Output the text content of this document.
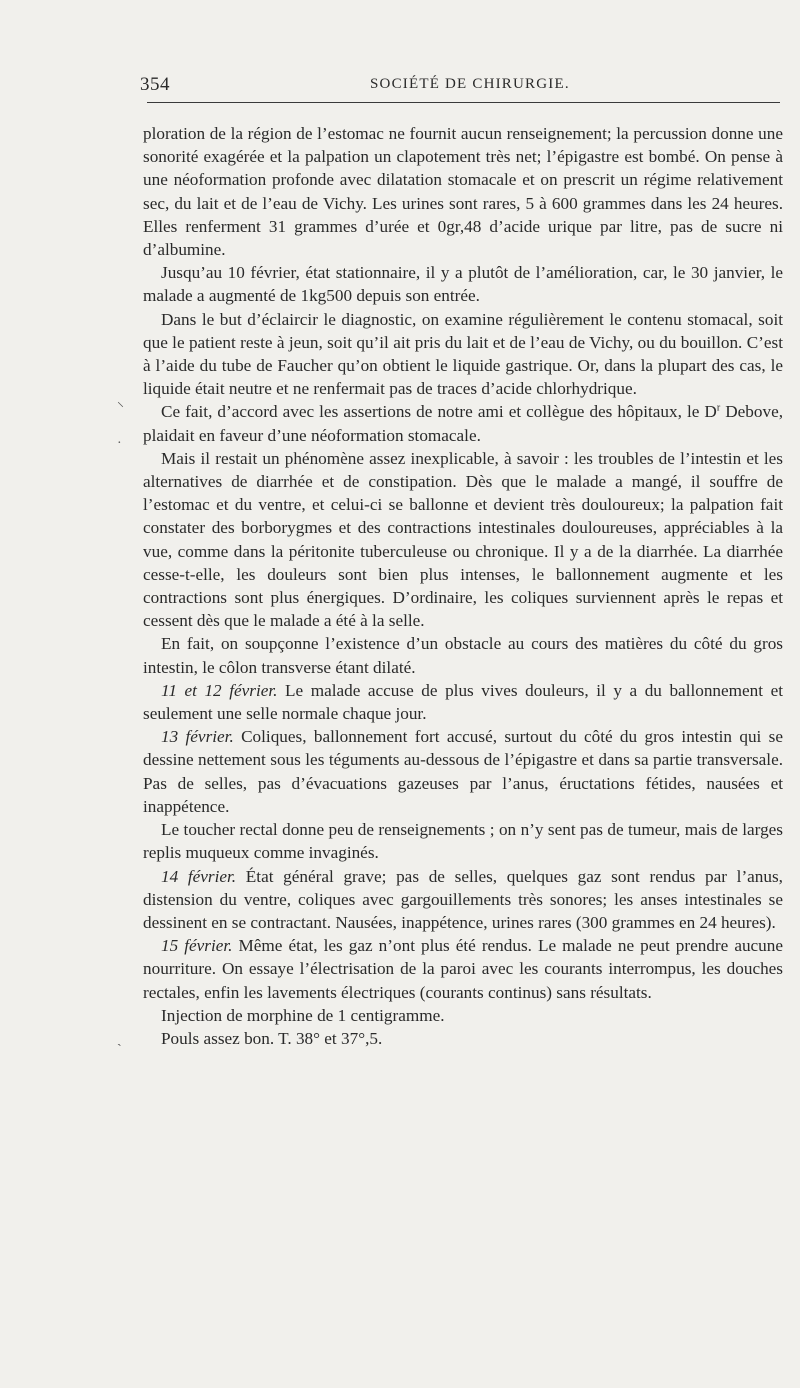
354	SOCIÉTÉ DE CHIRURGIE.
⸜
·
ˎ

ploration de la région de l’estomac ne fournit aucun renseignement; la percussion donne une sonorité exagérée et la palpation un clapotement très net; l’épigastre est bombé. On pense à une néoformation profonde avec dilatation stomacale et on prescrit un régime relativement sec, du lait et de l’eau de Vichy. Les urines sont rares, 5 à 600 grammes dans les 24 heures. Elles renferment 31 grammes d’urée et 0gr,48 d’acide urique par litre, pas de sucre ni d’albumine.

Jusqu’au 10 février, état stationnaire, il y a plutôt de l’amélioration, car, le 30 janvier, le malade a augmenté de 1kg500 depuis son entrée.

Dans le but d’éclaircir le diagnostic, on examine régulièrement le contenu stomacal, soit que le patient reste à jeun, soit qu’il ait pris du lait et de l’eau de Vichy, ou du bouillon. C’est à l’aide du tube de Faucher qu’on obtient le liquide gastrique. Or, dans la plupart des cas, le liquide était neutre et ne renfermait pas de traces d’acide chlorhydrique.

Ce fait, d’accord avec les assertions de notre ami et collègue des hôpitaux, le $D^r$ Debove, plaidait en faveur d’une néoformation stomacale.

Mais il restait un phénomène assez inexplicable, à savoir : les troubles de l’intestin et les alternatives de diarrhée et de constipation. Dès que le malade a mangé, il souffre de l’estomac et du ventre, et celui-ci se ballonne et devient très douloureux; la palpation fait constater des borborygmes et des contractions intestinales douloureuses, appréciables à la vue, comme dans la péritonite tuberculeuse ou chronique. Il y a de la diarrhée. La diarrhée cesse-t-elle, les douleurs sont bien plus intenses, le ballonnement augmente et les contractions sont plus énergiques. D’ordinaire, les coliques surviennent après le repas et cessent dès que le malade a été à la selle.

En fait, on soupçonne l’existence d’un obstacle au cours des matières du côté du gros intestin, le côlon transverse étant dilaté.

11 et 12 février. Le malade accuse de plus vives douleurs, il y a du ballonnement et seulement une selle normale chaque jour.

13 février. Coliques, ballonnement fort accusé, surtout du côté du gros intestin qui se dessine nettement sous les téguments au-dessous de l’épigastre et dans sa partie transversale. Pas de selles, pas d’évacuations gazeuses par l’anus, éructations fétides, nausées et inappétence.

Le toucher rectal donne peu de renseignements ; on n’y sent pas de tumeur, mais de larges replis muqueux comme invaginés.

14 février. État général grave; pas de selles, quelques gaz sont rendus par l’anus, distension du ventre, coliques avec gargouillements très sonores; les anses intestinales se dessinent en se contractant. Nausées, inappétence, urines rares (300 grammes en 24 heures).

15 février. Même état, les gaz n’ont plus été rendus. Le malade ne peut prendre aucune nourriture. On essaye l’électrisation de la paroi avec les courants interrompus, les douches rectales, enfin les lavements électriques (courants continus) sans résultats.

Injection de morphine de 1 centigramme.

Pouls assez bon. T. 38° et 37°,5.
